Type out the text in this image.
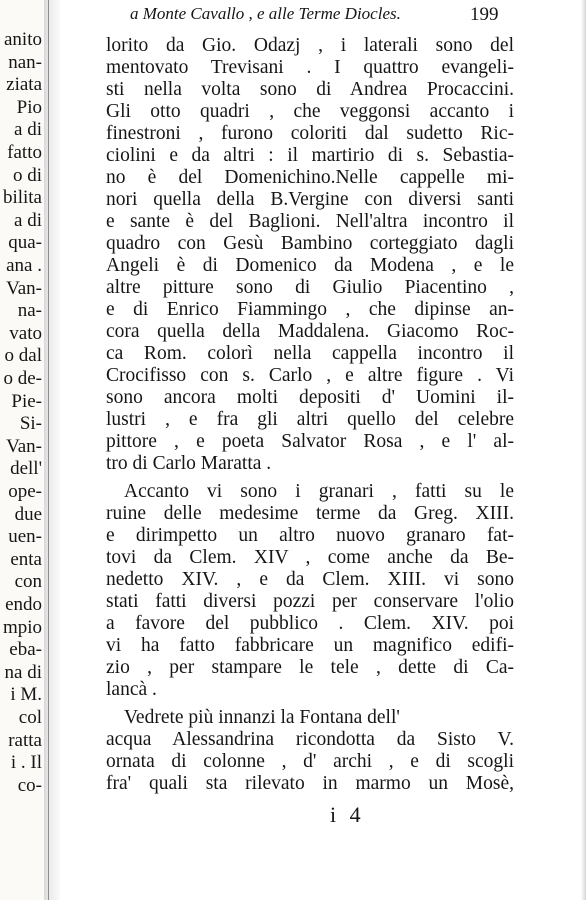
anito
nan-
ziata
Pio
a di
fatto
o di
bilita
a di
qua-
ana .
Van-
na-
vato
o dal
o de-
Pie-
Si-
Van-
dell'
ope-
due
uen-
enta
con
endo
mpio
eba-
na di
i M.
col
ratta
i . Il
co-
a Monte Cavallo , e alle Terme Diocles.	199
lorito da Gio. Odazj , i laterali sono del
mentovato Trevisani . I quattro evangeli-
sti nella volta sono di Andrea Procaccini.
Gli otto quadri , che veggonsi accanto i
finestroni , furono coloriti dal sudetto Ric-
ciolini e da altri : il martirio di s. Sebastia-
no è del Domenichino.Nelle cappelle mi-
nori quella della B.Vergine con diversi santi
e sante è del Baglioni. Nell'altra incontro il
quadro con Gesù Bambino corteggiato dagli
Angeli è di Domenico da Modena , e le
altre pitture sono di Giulio Piacentino ,
e di Enrico Fiammingo , che dipinse an-
cora quella della Maddalena. Giacomo Roc-
ca Rom. colorì nella cappella incontro il
Crocifisso con s. Carlo , e altre figure . Vi
sono ancora molti depositi d' Uomini il-
lustri , e fra gli altri quello del celebre
pittore , e poeta Salvator Rosa , e l' al-
tro di Carlo Maratta .
Accanto vi sono i granari , fatti su le
ruine delle medesime terme da Greg. XIII.
e dirimpetto un altro nuovo granaro fat-
tovi da Clem. XIV , come anche da Be-
nedetto XIV. , e da Clem. XIII. vi sono
stati fatti diversi pozzi per conservare l'olio
a favore del pubblico . Clem. XIV. poi
vi ha fatto fabbricare un magnifico edifi-
zio , per stampare le tele , dette di Ca-
lancà .
Vedrete più innanzi la Fontana dell'
acqua Alessandrina ricondotta da Sisto V.
ornata di colonne , d' archi , e di scogli
fra' quali sta rilevato in marmo un Mosè,
i 4
